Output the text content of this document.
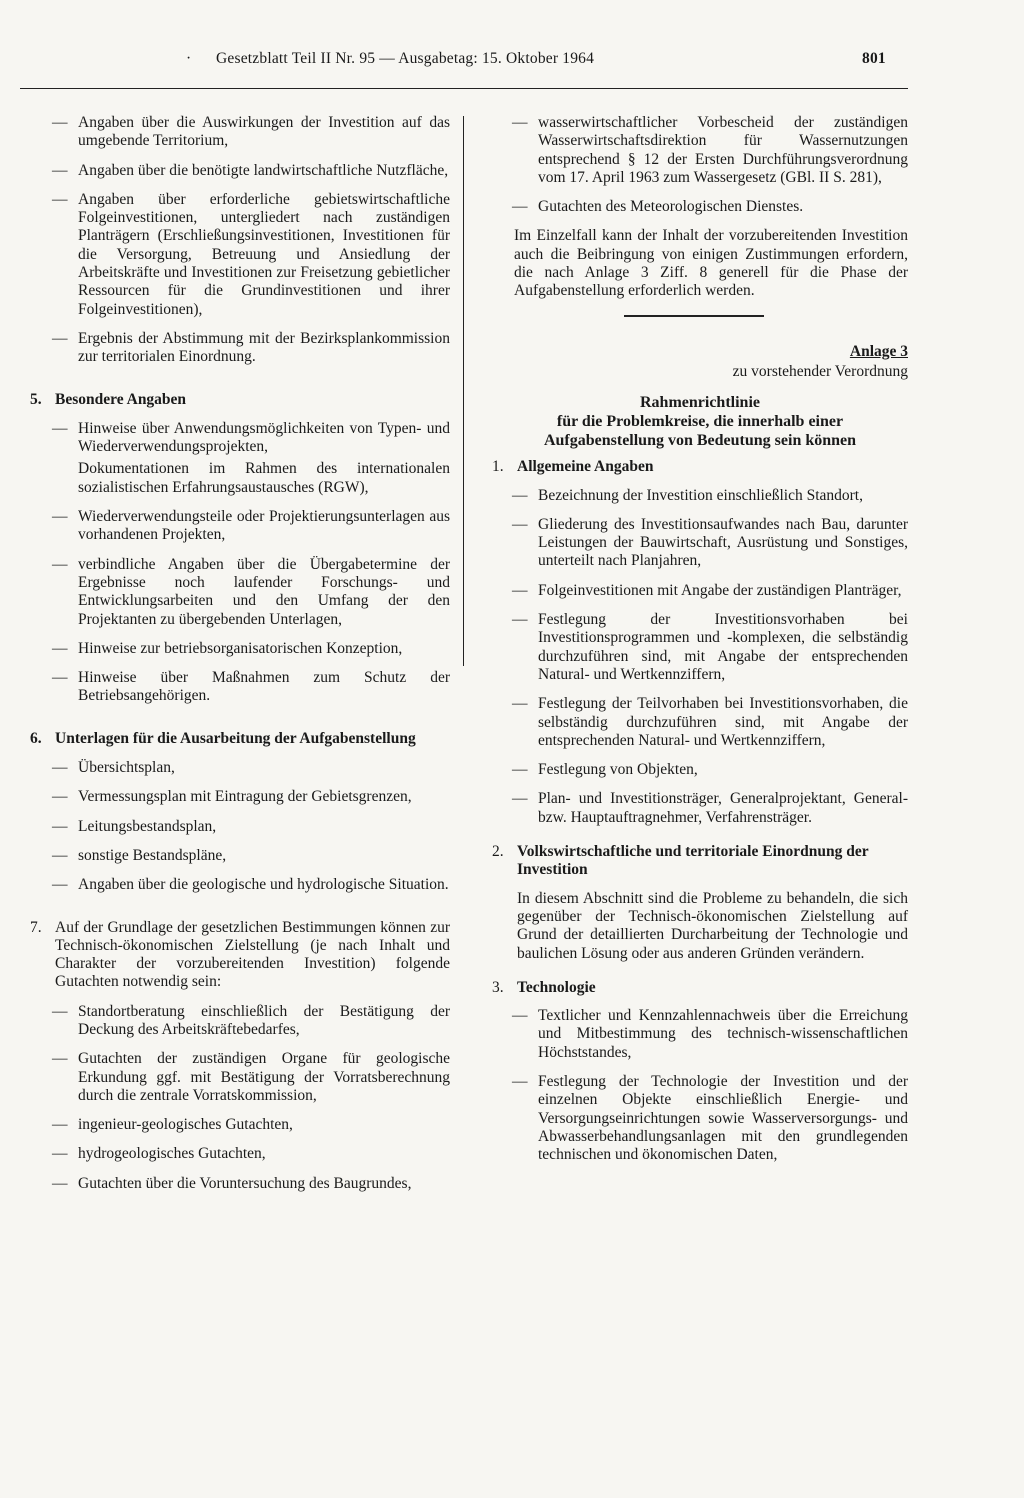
· Gesetzblatt Teil II Nr. 95 — Ausgabetag: 15. Oktober 1964	801
— Angaben über die Auswirkungen der Investition auf das umgebende Territorium,
— Angaben über die benötigte landwirtschaftliche Nutzfläche,
— Angaben über erforderliche gebietswirtschaftliche Folgeinvestitionen, untergliedert nach zuständigen Planträgern (Erschließungsinvestitionen, Investitionen für die Versorgung, Betreuung und Ansiedlung der Arbeitskräfte und Investitionen zur Freisetzung gebietlicher Ressourcen für die Grundinvestitionen und ihrer Folgeinvestitionen),
— Ergebnis der Abstimmung mit der Bezirksplankommission zur territorialen Einordnung.
5. Besondere Angaben
— Hinweise über Anwendungsmöglichkeiten von Typen- und Wiederverwendungsprojekten,
Dokumentationen im Rahmen des internationalen sozialistischen Erfahrungsaustausches (RGW),
— Wiederverwendungsteile oder Projektierungsunterlagen aus vorhandenen Projekten,
— verbindliche Angaben über die Übergabetermine der Ergebnisse noch laufender Forschungs- und Entwicklungsarbeiten und den Umfang der den Projektanten zu übergebenden Unterlagen,
— Hinweise zur betriebsorganisatorischen Konzeption,
— Hinweise über Maßnahmen zum Schutz der Betriebsangehörigen.
6. Unterlagen für die Ausarbeitung der Aufgabenstellung
— Übersichtsplan,
— Vermessungsplan mit Eintragung der Gebietsgrenzen,
— Leitungsbestandsplan,
— sonstige Bestandspläne,
— Angaben über die geologische und hydrologische Situation.
7. Auf der Grundlage der gesetzlichen Bestimmungen können zur Technisch-ökonomischen Zielstellung (je nach Inhalt und Charakter der vorzubereitenden Investition) folgende Gutachten notwendig sein:
— Standortberatung einschließlich der Bestätigung der Deckung des Arbeitskräftebedarfes,
— Gutachten der zuständigen Organe für geologische Erkundung ggf. mit Bestätigung der Vorratsberechnung durch die zentrale Vorratskommission,
— ingenieur-geologisches Gutachten,
— hydrogeologisches Gutachten,
— Gutachten über die Voruntersuchung des Baugrundes,
— wasserwirtschaftlicher Vorbescheid der zuständigen Wasserwirtschaftsdirektion für Wassernutzungen entsprechend § 12 der Ersten Durchführungsverordnung vom 17. April 1963 zum Wassergesetz (GBl. II S. 281),
— Gutachten des Meteorologischen Dienstes.
Im Einzelfall kann der Inhalt der vorzubereitenden Investition auch die Beibringung von einigen Zustimmungen erfordern, die nach Anlage 3 Ziff. 8 generell für die Phase der Aufgabenstellung erforderlich werden.
Anlage 3
zu vorstehender Verordnung
Rahmenrichtlinie
für die Problemkreise, die innerhalb einer
Aufgabenstellung von Bedeutung sein können
1. Allgemeine Angaben
— Bezeichnung der Investition einschließlich Standort,
— Gliederung des Investitionsaufwandes nach Bau, darunter Leistungen der Bauwirtschaft, Ausrüstung und Sonstiges, unterteilt nach Planjahren,
— Folgeinvestitionen mit Angabe der zuständigen Planträger,
— Festlegung der Investitionsvorhaben bei Investitionsprogrammen und -komplexen, die selbständig durchzuführen sind, mit Angabe der entsprechenden Natural- und Wertkennziffern,
— Festlegung der Teilvorhaben bei Investitionsvorhaben, die selbständig durchzuführen sind, mit Angabe der entsprechenden Natural- und Wertkennziffern,
— Festlegung von Objekten,
— Plan- und Investitionsträger, Generalprojektant, General- bzw. Hauptauftragnehmer, Verfahrensträger.
2. Volkswirtschaftliche und territoriale Einordnung der Investition
In diesem Abschnitt sind die Probleme zu behandeln, die sich gegenüber der Technisch-ökonomischen Zielstellung auf Grund der detaillierten Durcharbeitung der Technologie und baulichen Lösung oder aus anderen Gründen verändern.
3. Technologie
— Textlicher und Kennzahlennachweis über die Erreichung und Mitbestimmung des technisch-wissenschaftlichen Höchststandes,
— Festlegung der Technologie der Investition und der einzelnen Objekte einschließlich Energie- und Versorgungseinrichtungen sowie Wasserversorgungs- und Abwasserbehandlungsanlagen mit den grundlegenden technischen und ökonomischen Daten,
